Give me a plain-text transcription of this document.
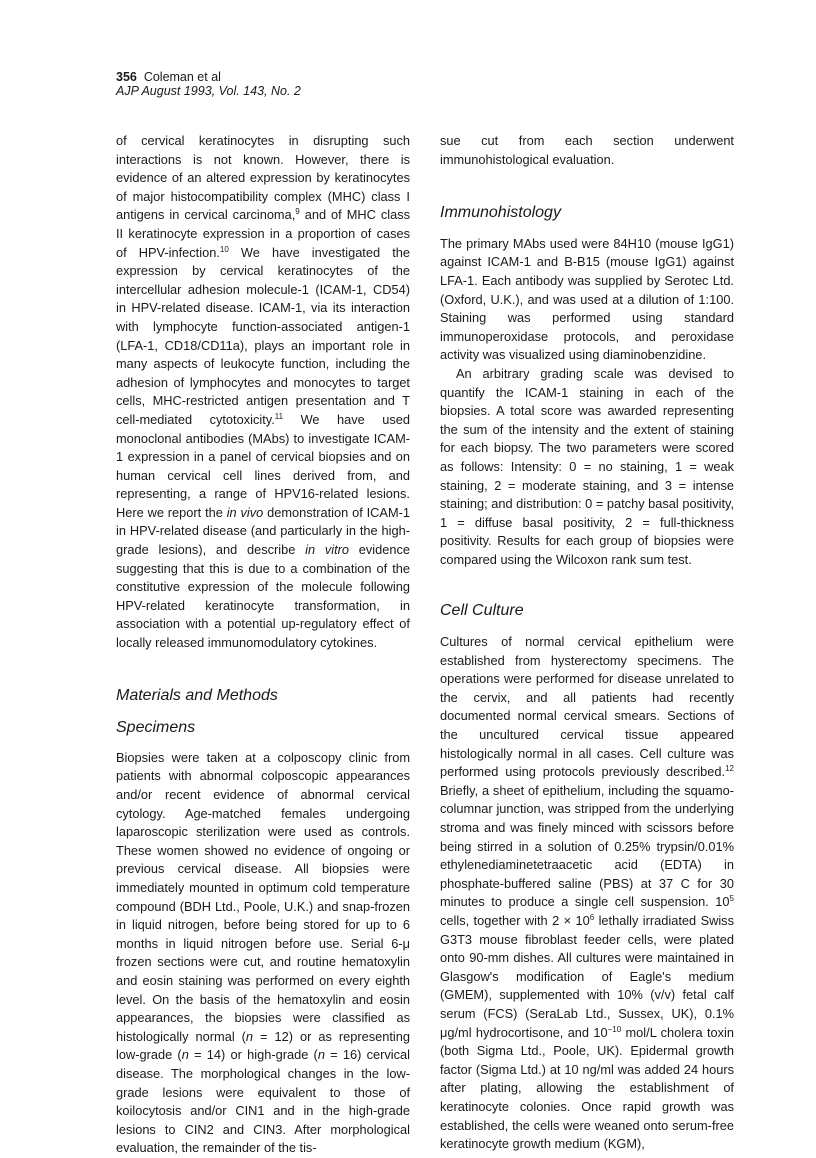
356 Coleman et al
AJP August 1993, Vol. 143, No. 2

of cervical keratinocytes in disrupting such interactions is not known. However, there is evidence of an altered expression by keratinocytes of major histocompatibility complex (MHC) class I antigens in cervical carcinoma,$^9$ and of MHC class II keratinocyte expression in a proportion of cases of HPV-infection.$^{10}$ We have investigated the expression by cervical keratinocytes of the intercellular adhesion molecule-1 (ICAM-1, CD54) in HPV-related disease. ICAM-1, via its interaction with lymphocyte function-associated antigen-1 (LFA-1, CD18/CD11a), plays an important role in many aspects of leukocyte function, including the adhesion of lymphocytes and monocytes to target cells, MHC-restricted antigen presentation and T cell-mediated cytotoxicity.$^{11}$ We have used monoclonal antibodies (MAbs) to investigate ICAM-1 expression in a panel of cervical biopsies and on human cervical cell lines derived from, and representing, a range of HPV16-related lesions. Here we report the in vivo demonstration of ICAM-1 in HPV-related disease (and particularly in the high-grade lesions), and describe in vitro evidence suggesting that this is due to a combination of the constitutive expression of the molecule following HPV-related keratinocyte transformation, in association with a potential up-regulatory effect of locally released immunomodulatory cytokines.

Materials and Methods
Specimens

Biopsies were taken at a colposcopy clinic from patients with abnormal colposcopic appearances and/or recent evidence of abnormal cervical cytology. Age-matched females undergoing laparoscopic sterilization were used as controls. These women showed no evidence of ongoing or previous cervical disease. All biopsies were immediately mounted in optimum cold temperature compound (BDH Ltd., Poole, U.K.) and snap-frozen in liquid nitrogen, before being stored for up to 6 months in liquid nitrogen before use. Serial 6-μ frozen sections were cut, and routine hematoxylin and eosin staining was performed on every eighth level. On the basis of the hematoxylin and eosin appearances, the biopsies were classified as histologically normal (n = 12) or as representing low-grade (n = 14) or high-grade (n = 16) cervical disease. The morphological changes in the low-grade lesions were equivalent to those of koilocytosis and/or CIN1 and in the high-grade lesions to CIN2 and CIN3. After morphological evaluation, the remainder of the tis-

sue cut from each section underwent immunohistological evaluation.

Immunohistology

The primary MAbs used were 84H10 (mouse IgG1) against ICAM-1 and B-B15 (mouse IgG1) against LFA-1. Each antibody was supplied by Serotec Ltd. (Oxford, U.K.), and was used at a dilution of 1:100. Staining was performed using standard immunoperoxidase protocols, and peroxidase activity was visualized using diaminobenzidine.

An arbitrary grading scale was devised to quantify the ICAM-1 staining in each of the biopsies. A total score was awarded representing the sum of the intensity and the extent of staining for each biopsy. The two parameters were scored as follows: Intensity: 0 = no staining, 1 = weak staining, 2 = moderate staining, and 3 = intense staining; and distribution: 0 = patchy basal positivity, 1 = diffuse basal positivity, 2 = full-thickness positivity. Results for each group of biopsies were compared using the Wilcoxon rank sum test.

Cell Culture

Cultures of normal cervical epithelium were established from hysterectomy specimens. The operations were performed for disease unrelated to the cervix, and all patients had recently documented normal cervical smears. Sections of the uncultured cervical tissue appeared histologically normal in all cases. Cell culture was performed using protocols previously described.$^{12}$ Briefly, a sheet of epithelium, including the squamo-columnar junction, was stripped from the underlying stroma and was finely minced with scissors before being stirred in a solution of 0.25% trypsin/0.01% ethylenediaminetetraacetic acid (EDTA) in phosphate-buffered saline (PBS) at 37 C for 30 minutes to produce a single cell suspension. $10^5$ cells, together with $2 \times 10^6$ lethally irradiated Swiss G3T3 mouse fibroblast feeder cells, were plated onto 90-mm dishes. All cultures were maintained in Glasgow's modification of Eagle's medium (GMEM), supplemented with 10% (v/v) fetal calf serum (FCS) (SeraLab Ltd., Sussex, UK), 0.1% μg/ml hydrocortisone, and $10^{-10}$ mol/L cholera toxin (both Sigma Ltd., Poole, UK). Epidermal growth factor (Sigma Ltd.) at 10 ng/ml was added 24 hours after plating, allowing the establishment of keratinocyte colonies. Once rapid growth was established, the cells were weaned onto serum-free keratinocyte growth medium (KGM),
